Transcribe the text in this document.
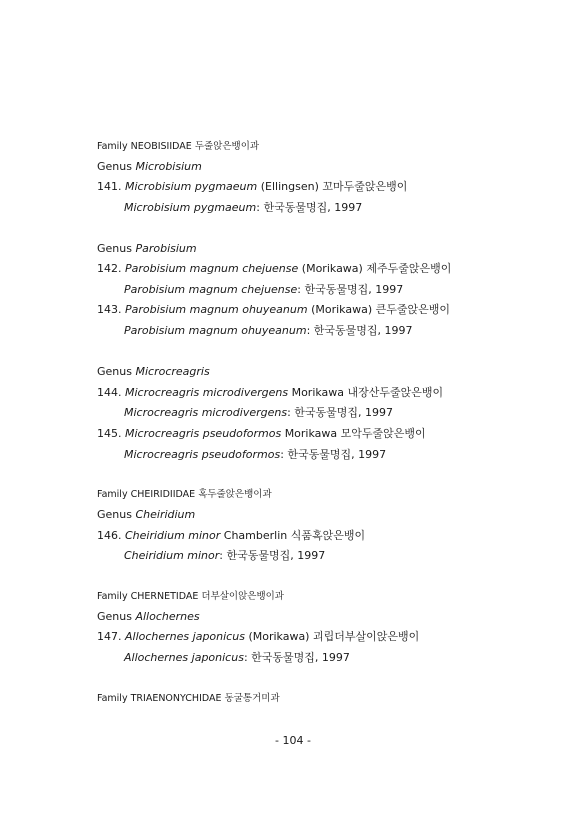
Family NEOBISIIDAE 두줄앉은뱅이과
Genus Microbisium
141. Microbisium pygmaeum (Ellingsen) 꼬마두줄앉은뱅이
Microbisium pygmaeum: 한국동물명집, 1997
Genus Parobisium
142. Parobisium magnum chejuense (Morikawa) 제주두줄앉은뱅이
Parobisium magnum chejuense: 한국동물명집, 1997
143. Parobisium magnum ohuyeanum (Morikawa) 큰두줄앉은뱅이
Parobisium magnum ohuyeanum: 한국동물명집, 1997
Genus Microcreagris
144. Microcreagris microdivergens Morikawa 내장산두줄앉은뱅이
Microcreagris microdivergens: 한국동물명집, 1997
145. Microcreagris pseudoformos Morikawa 모악두줄앉은뱅이
Microcreagris pseudoformos: 한국동물명집, 1997
Family CHEIRIDIIDAE 혹두줄앉은뱅이과
Genus Cheiridium
146. Cheiridium minor Chamberlin 식품혹앉은뱅이
Cheiridium minor: 한국동물명집, 1997
Family CHERNETIDAE 더부살이앉은뱅이과
Genus Allochernes
147. Allochernes japonicus (Morikawa) 괴립더부살이앉은뱅이
Allochernes japonicus: 한국동물명집, 1997
Family TRIAENONYCHIDAE 동굴통거미과
- 104 -
